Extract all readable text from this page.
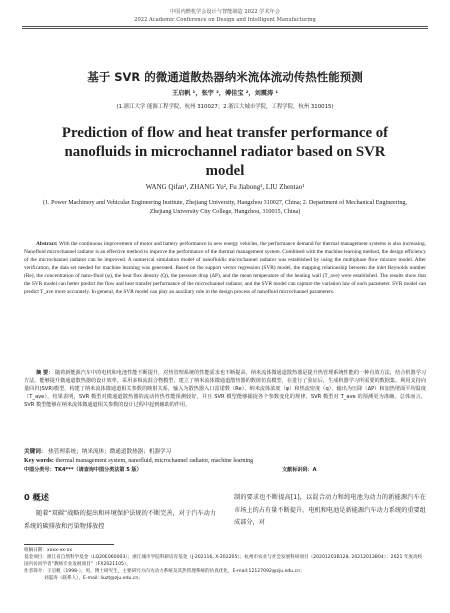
中国内燃机学会设计与智能制造 2022 学术年会
2022 Academic Conference on Design and Intelligent Manufacturing
基于 SVR 的微通道散热器纳米流体流动传热性能预测
王启帆 ¹，张宇 ²，傅佳宝 ²，刘震涛 ¹
(1.浙江大学 能源工程学院，杭州 310027；2.浙江大城市学院，工程学院，杭州 310015)
Prediction of flow and heat transfer performance of
nanofluids in microchannel radiator based on SVR
model
WANG Qifan¹, ZHANG Yu², Fu Jiabong², LIU Zhentao¹
(1. Power Machinery and Vehicular Engineering Institute, Zhejiang University, Hangzhou 310027, China; 2. Department of Mechanical Engineering, Zhejiang University City College, Hangzhou, 310015, China)
Abstract: With the continuous improvement of motor and battery performance in new energy vehicles, the performance demand for thermal management systems is also increasing. Nanofluid microchannel radiator is an effective method to improve the performance of the thermal management system. Combined with the machine learning method, the design efficiency of the microchannel radiator can be improved. A numerical simulation model of nanofluidic microchannel radiator was established by using the multiphase flow mixture model. After verification, the data set needed for machine learning was generated. Based on the support vector regression (SVR) model, the mapping relationship between the inlet Reynolds number (Re), the concentration of nano-fluid (φ), the heat flux density (Q), the pressure drop (ΔP), and the mean temperature of the heating wall (T_ave) were established. The results show that the SVR model can better predict the flow and heat transfer performance of the microchannel radiator, and the SVR model can capture the variation law of each parameter. SVR model can predict T_ave more accurately. In general, the SVR model can play an auxiliary role in the design process of nanofluid microchannel parameters.
摘 要： 随着新能源汽车中的电机和电池性能不断提升，对热管理系统的性能需求也不断提高，纳米流体微通道散热器是提升热管理系统性能的一种有效方法，结合机器学习方法，能够提升微通道散热器的设计效率。采用多相流混合物模型，建立了纳米流体微通道散热器的数值仿真模型，在进行了验证后，生成机器学习所需要的数据集。利用支持向量回归(SVR)模型，构建了纳米流体微通道相关参数的映射关系，输入为散热器入口雷诺数（Re）、纳米流体浓度（φ）和热流密度（q），输出为压降（ΔP）和加热壁面平均温度（T_ave）。结果表明，SVR 模型对微通道散热器的流动传热性能预测较好，并且 SVR 模型能够捕捉各个参数变化的规律，SVR 模型对 T_ave 的预测更为准确。总体而言，SVR 模型能够在纳米流体微通道相关参数的设计过程中起到辅助的作用。
关键词： 热管理系统；纳米流体；微通道散热器；机器学习
Key words: thermal management system, nanofluid, microchannel radiator, machine learning
中图分类号：TK4***（请查询中图分类法第 5 版）	文献标识码：A
0 概述
随着“双碳”战略的提出和环境保护法规的不断完善，对于汽车动力系统的碳排放和污染物排放控
制的要求也不断提高[1]，以混合动力和纯电池为动力的新能源汽车在市场上的占有量不断提升。电机和电池是新能源汽车动力系统的重要组成部分，对
收稿日期：xxxx-xx-xx
基金项目：浙江省自然科学基金（LQ20E060003）；浙江城市学院科研培育基金（J-202116, X-202205）；杭州市农业与社会发展科研项目（20201203B128, 20212013B04）；2021 年度高校国内访问学者“教师专业发展项目”（FX2021105）。
作者简介：王启帆（1998-），男，博士研究生，主要研究方向为动力系统及其热管理系统的仿真优化，E-mail:12127092@zju.edu.cn；
刘震涛（联系人），E-mail: liuzt@zju.edu.cn。
